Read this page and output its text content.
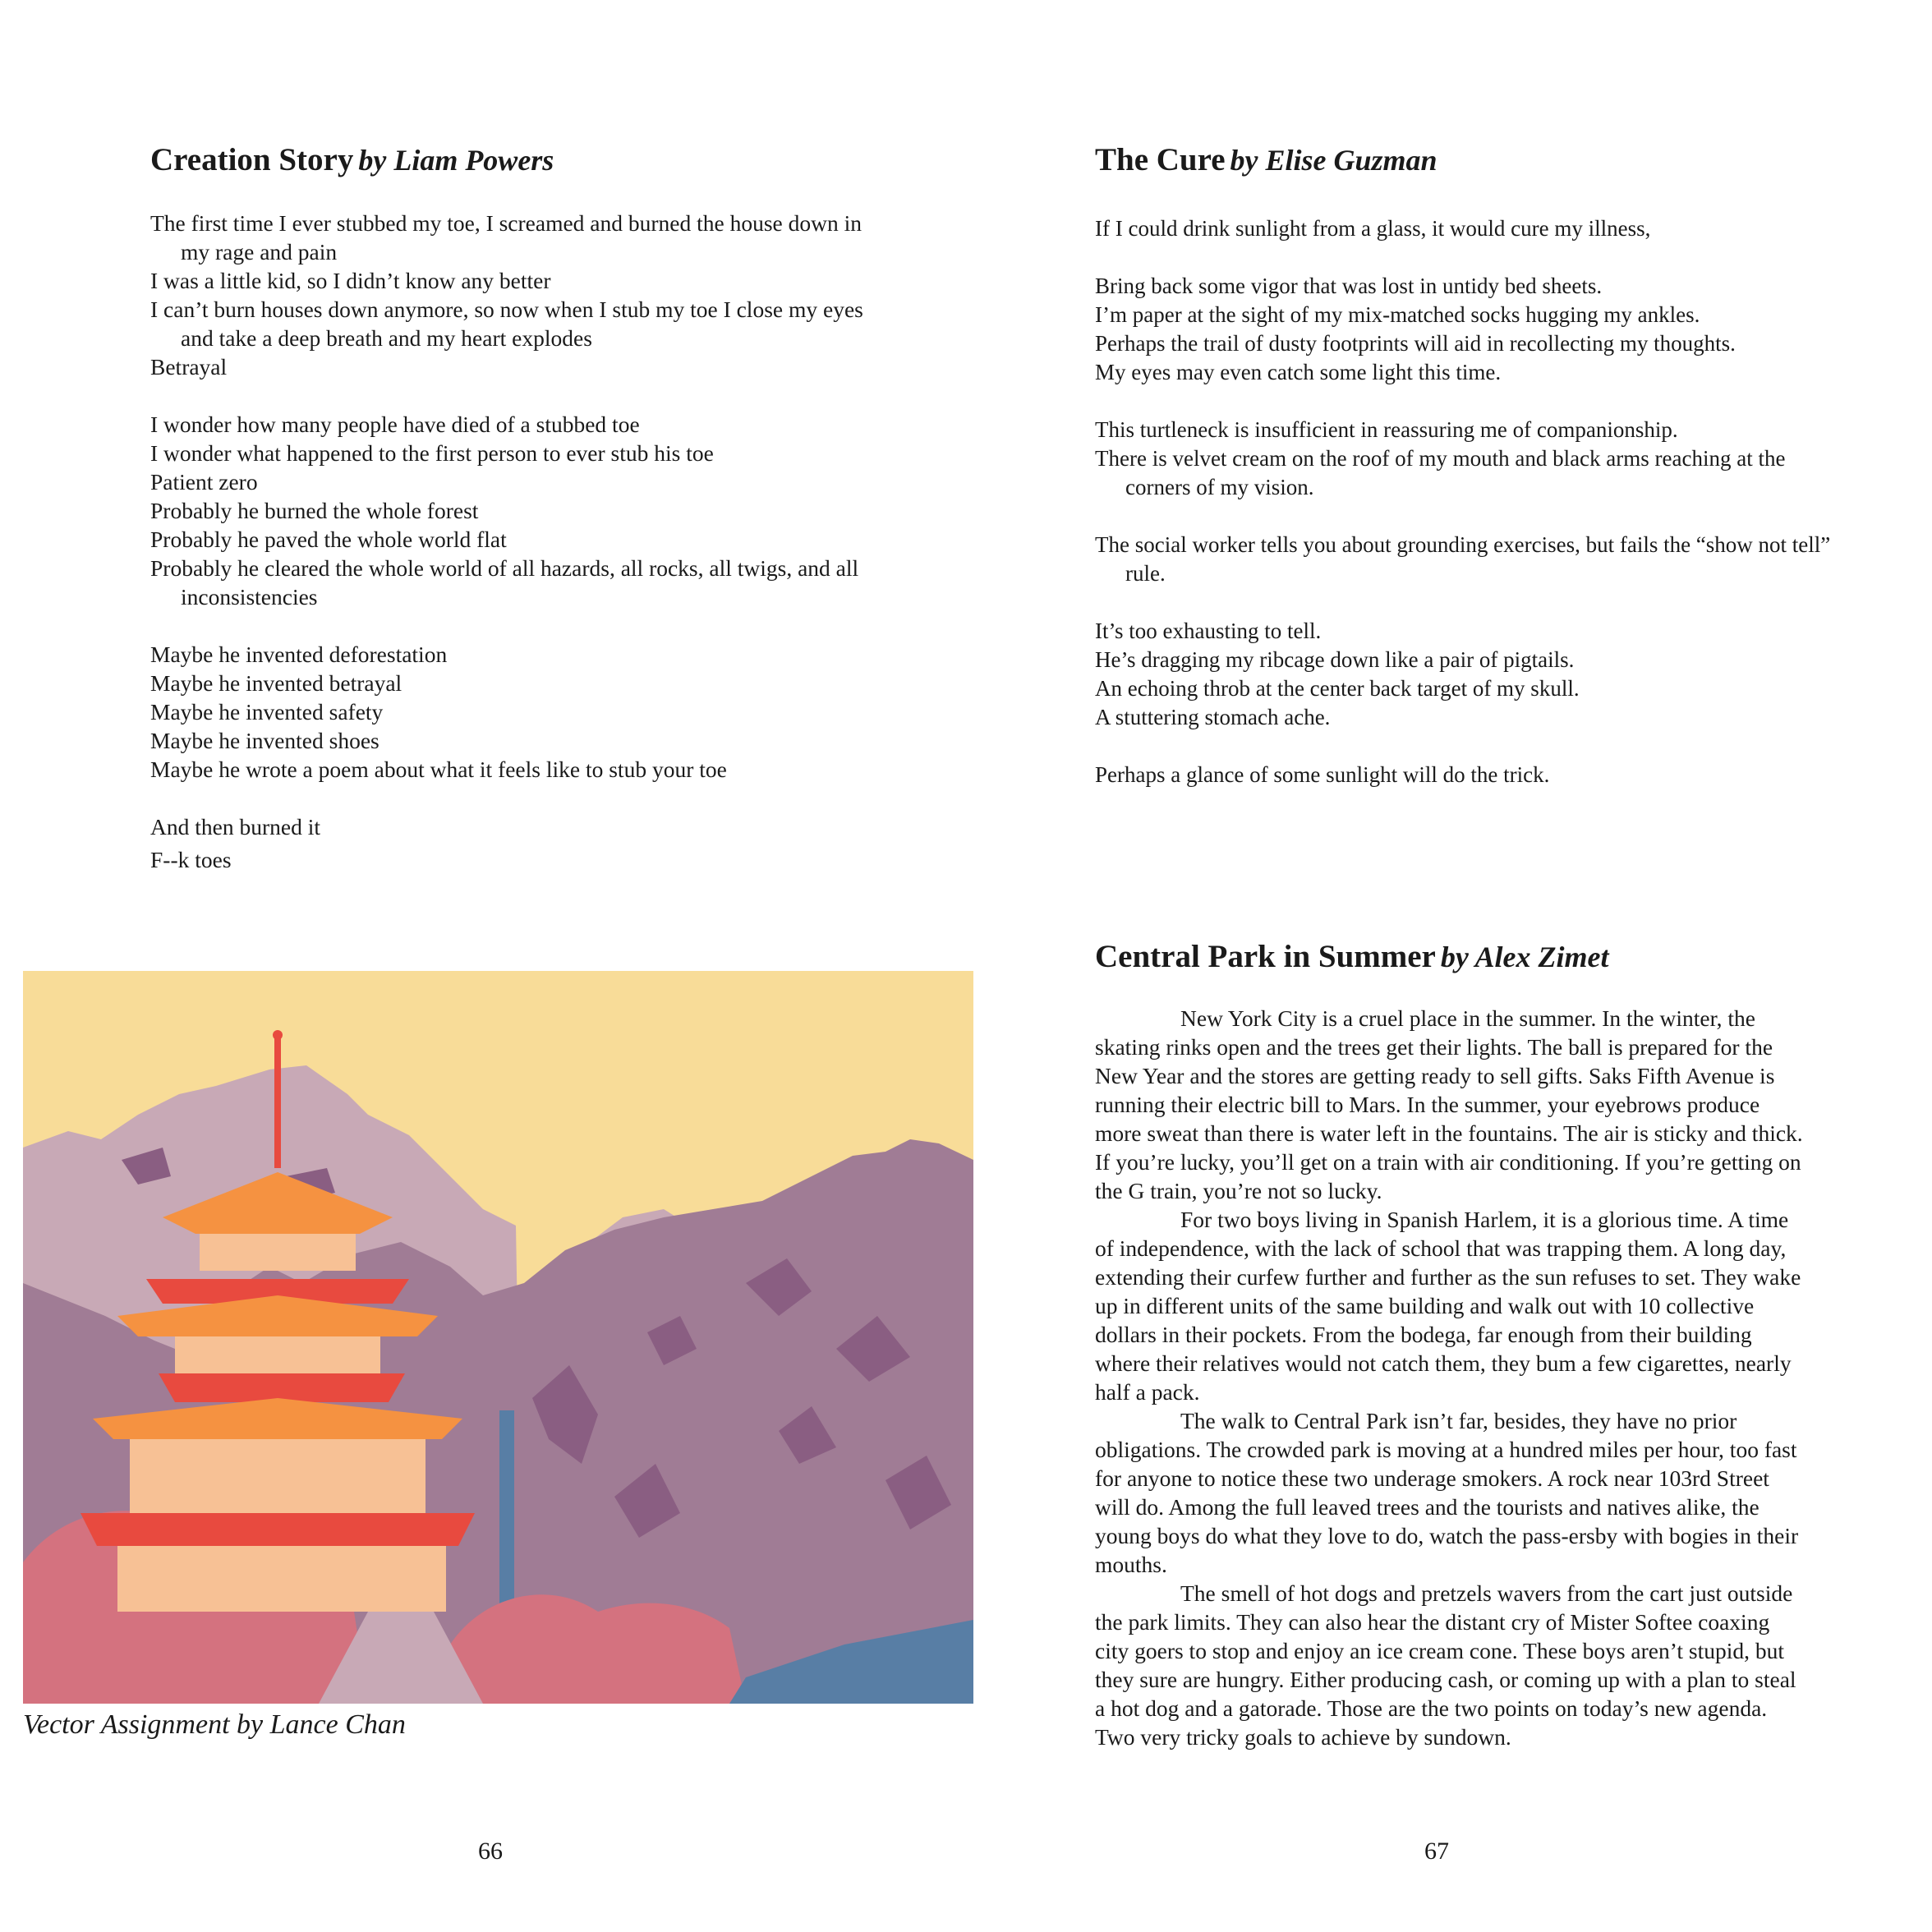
Creation Story by Liam Powers
The first time I ever stubbed my toe, I screamed and burned the house down in my rage and pain
I was a little kid, so I didn’t know any better
I can’t burn houses down anymore, so now when I stub my toe I close my eyes and take a deep breath and my heart explodes
Betrayal
I wonder how many people have died of a stubbed toe
I wonder what happened to the first person to ever stub his toe
Patient zero
Probably he burned the whole forest
Probably he paved the whole world flat
Probably he cleared the whole world of all hazards, all rocks, all twigs, and all inconsistencies
Maybe he invented deforestation
Maybe he invented betrayal
Maybe he invented safety
Maybe he invented shoes
Maybe he wrote a poem about what it feels like to stub your toe
And then burned it
F--k toes
Vector Assignment by Lance Chan
66
The Cure by Elise Guzman
If I could drink sunlight from a glass, it would cure my illness,
Bring back some vigor that was lost in untidy bed sheets.
I’m paper at the sight of my mix-matched socks hugging my ankles.
Perhaps the trail of dusty footprints will aid in recollecting my thoughts.
My eyes may even catch some light this time.
This turtleneck is insufficient in reassuring me of companionship.
There is velvet cream on the roof of my mouth and black arms reaching at the corners of my vision.
The social worker tells you about grounding exercises, but fails the “show not tell” rule.
It’s too exhausting to tell.
He’s dragging my ribcage down like a pair of pigtails.
An echoing throb at the center back target of my skull.
A stuttering stomach ache.
Perhaps a glance of some sunlight will do the trick.
Central Park in Summer by Alex Zimet

New York City is a cruel place in the summer. In the winter, the skating rinks open and the trees get their lights. The ball is prepared for the New Year and the stores are getting ready to sell gifts. Saks Fifth Avenue is running their electric bill to Mars. In the summer, your eyebrows produce more sweat than there is water left in the fountains. The air is sticky and thick. If you’re lucky, you’ll get on a train with air conditioning. If you’re getting on the G train, you’re not so lucky.

For two boys living in Spanish Harlem, it is a glorious time. A time of independence, with the lack of school that was trapping them. A long day, extending their curfew further and further as the sun refuses to set. They wake up in different units of the same building and walk out with 10 collective dollars in their pockets. From the bodega, far enough from their building where their relatives would not catch them, they bum a few cigarettes, nearly half a pack.

The walk to Central Park isn’t far, besides, they have no prior obligations. The crowded park is moving at a hundred miles per hour, too fast for anyone to notice these two underage smokers. A rock near 103rd Street will do. Among the full leaved trees and the tourists and natives alike, the young boys do what they love to do, watch the pass-ersby with bogies in their mouths.

The smell of hot dogs and pretzels wavers from the cart just outside the park limits. They can also hear the distant cry of Mister Softee coaxing city goers to stop and enjoy an ice cream cone. These boys aren’t stupid, but they sure are hungry. Either producing cash, or coming up with a plan to steal a hot dog and a gatorade. Those are the two points on today’s new agenda. Two very tricky goals to achieve by sundown.

67
